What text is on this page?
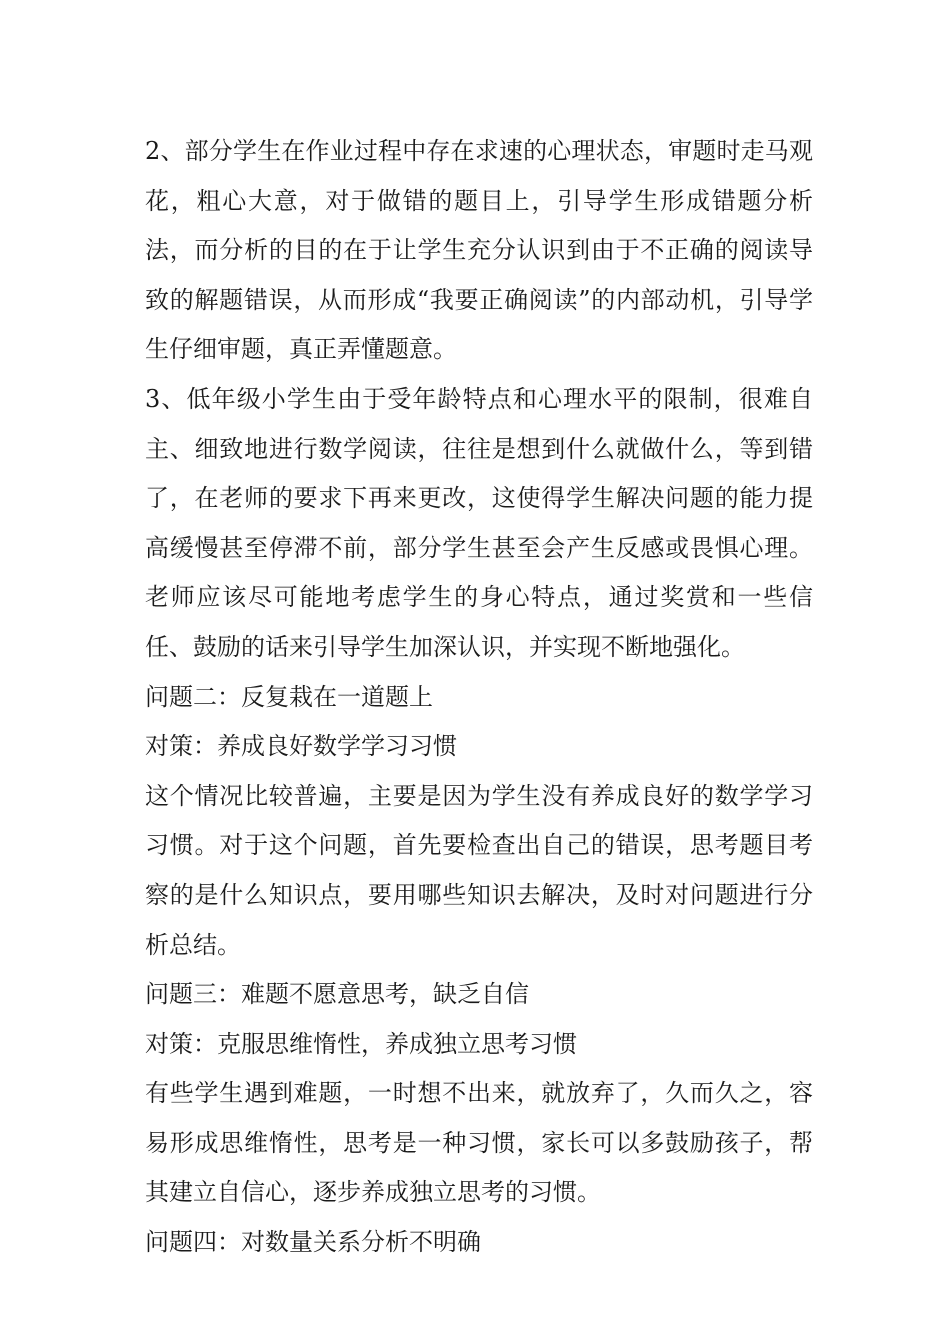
2、部分学生在作业过程中存在求速的心理状态，审题时走马观花，粗心大意，对于做错的题目上，引导学生形成错题分析法，而分析的目的在于让学生充分认识到由于不正确的阅读导致的解题错误，从而形成“我要正确阅读”的内部动机，引导学生仔细审题，真正弄懂题意。

3、低年级小学生由于受年龄特点和心理水平的限制，很难自主、细致地进行数学阅读，往往是想到什么就做什么，等到错了，在老师的要求下再来更改，这使得学生解决问题的能力提高缓慢甚至停滞不前，部分学生甚至会产生反感或畏惧心理。老师应该尽可能地考虑学生的身心特点，通过奖赏和一些信任、鼓励的话来引导学生加深认识，并实现不断地强化。

问题二：反复栽在一道题上

对策：养成良好数学学习习惯

这个情况比较普遍，主要是因为学生没有养成良好的数学学习习惯。对于这个问题，首先要检查出自己的错误，思考题目考察的是什么知识点，要用哪些知识去解决，及时对问题进行分析总结。

问题三：难题不愿意思考，缺乏自信

对策：克服思维惰性，养成独立思考习惯

有些学生遇到难题，一时想不出来，就放弃了，久而久之，容易形成思维惰性，思考是一种习惯，家长可以多鼓励孩子，帮其建立自信心，逐步养成独立思考的习惯。

问题四：对数量关系分析不明确
